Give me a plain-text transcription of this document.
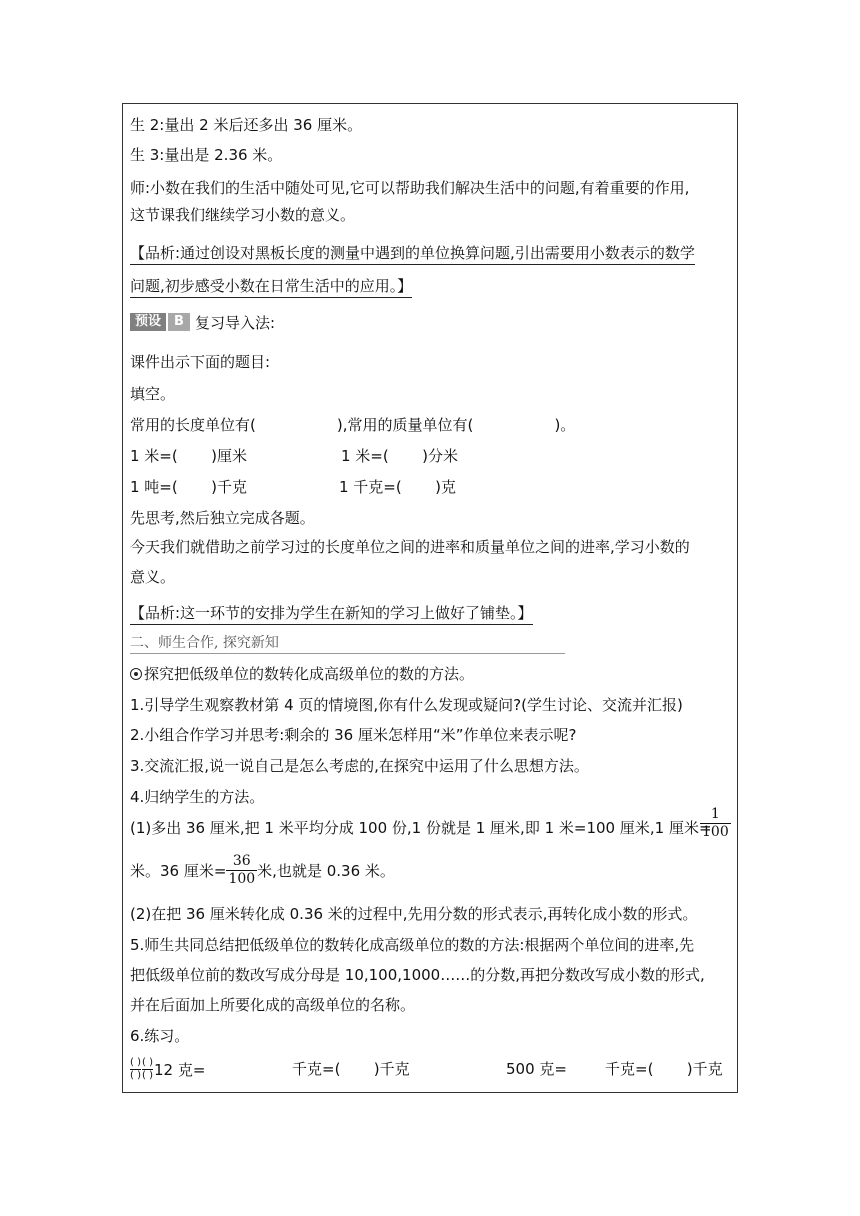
生 2:量出 2 米后还多出 36 厘米。
生 3:量出是 2.36 米。
师:小数在我们的生活中随处可见,它可以帮助我们解决生活中的问题,有着重要的作用,
这节课我们继续学习小数的意义。
【品析:通过创设对黑板长度的测量中遇到的单位换算问题,引出需要用小数表示的数学
问题,初步感受小数在日常生活中的应用。】
预设	B 复习导入法:
课件出示下面的题目:
填空。
常用的长度单位有(                 ),常用的质量单位有(                 )。
1 米=(       )厘米	1 米=(       )分米
1 吨=(       )千克	1 千克=(       )克
先思考,然后独立完成各题。
今天我们就借助之前学习过的长度单位之间的进率和质量单位之间的进率,学习小数的
意义。
【品析:这一环节的安排为学生在新知的学习上做好了铺垫。】
二、师生合作, 探究新知
探究把低级单位的数转化成高级单位的数的方法。
1.引导学生观察教材第 4 页的情境图,你有什么发现或疑问?(学生讨论、交流并汇报)
2.小组合作学习并思考:剩余的 36 厘米怎样用“米”作单位来表示呢?
3.交流汇报,说一说自己是怎么考虑的,在探究中运用了什么思想方法。
4.归纳学生的方法。
(1)多出 36 厘米,把 1 米平均分成 100 份,1 份就是 1 厘米,即 1 米=100 厘米,1 厘米=
$\frac{1}{100}$
米。36 厘米= $\frac{36}{100}$ 米,也就是 0.36 米。
(2)在把 36 厘米转化成 0.36 米的过程中,先用分数的形式表示,再转化成小数的形式。
5.师生共同总结把低级单位的数转化成高级单位的数的方法:根据两个单位间的进率,先
把低级单位前的数改写成分母是 10,100,1000……的分数,再把分数改写成小数的形式,
并在后面加上所要化成的高级单位的名称。
6.练习。
( )
( )
( )
( ) 12 克=	千克=(       )千克	500 克=	千克=(       )千克
